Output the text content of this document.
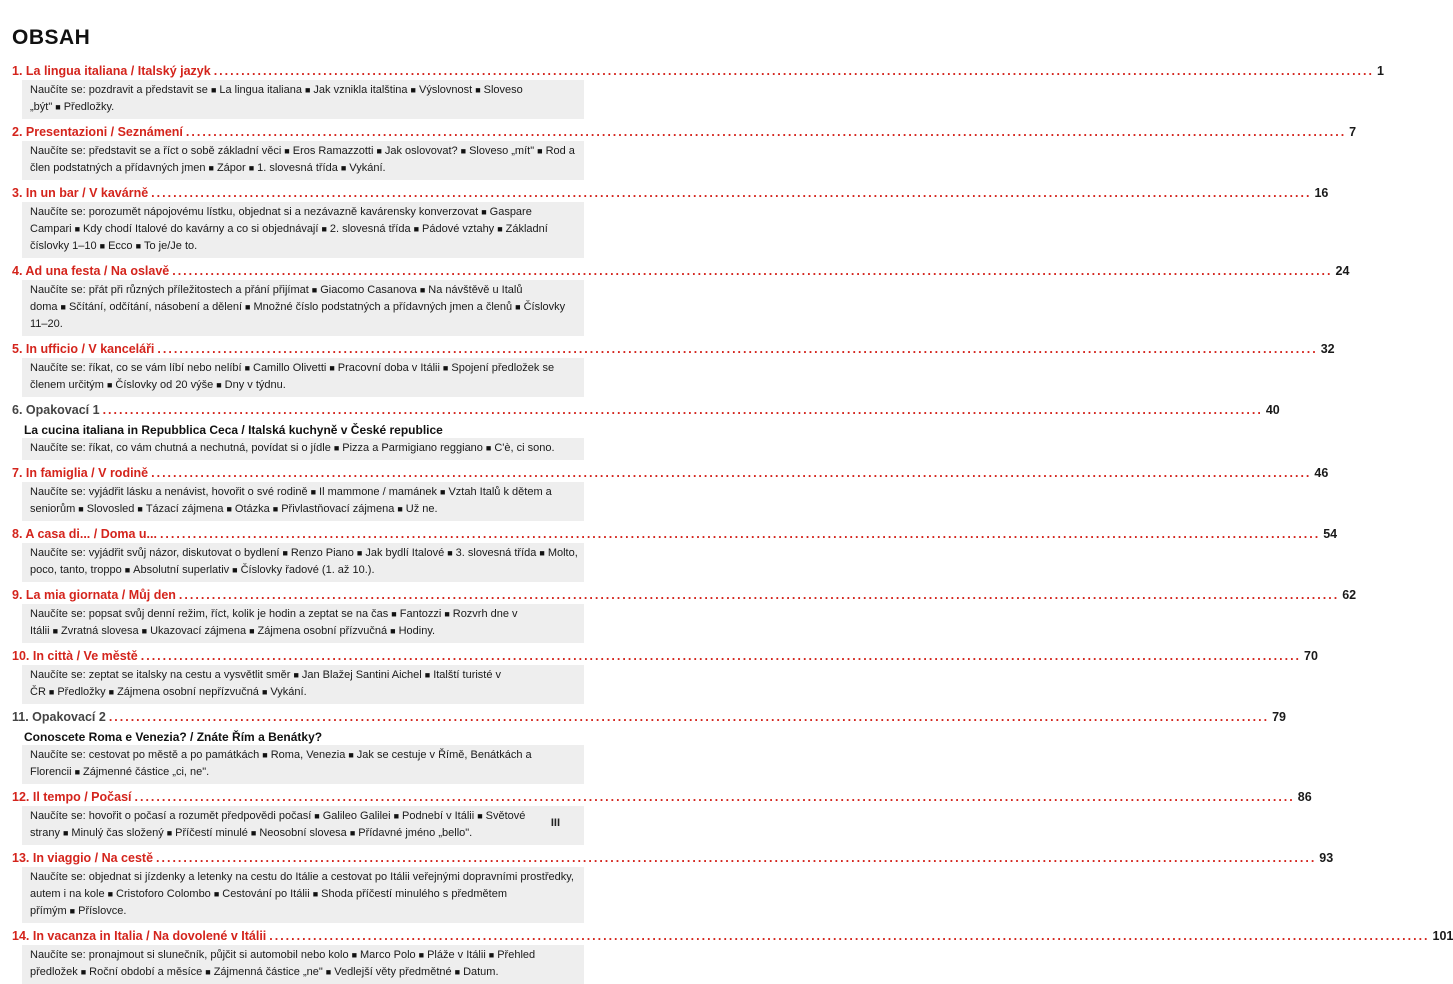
OBSAH
1. La lingua italiana / Italský jazyk .....	1
Naučíte se: pozdravit a představit se ■ La lingua italiana ■ Jak vznikla italština ■ Výslovnost ■ Sloveso „být" ■ Předložky.
2. Presentazioni / Seznámení .....	7
Naučíte se: představit se a říct o sobě základní věci ■ Eros Ramazzotti ■ Jak oslovovat? ■ Sloveso „mít" ■ Rod a člen podstatných a přídavných jmen ■ Zápor ■ 1. slovesná třída ■ Vykání.
3. In un bar / V kavárně .....	16
Naučíte se: porozumět nápojovému lístku, objednat si a nezávazně kavárensky konverzovat ■ Gaspare Campari ■ Kdy chodí Italové do kavárny a co si objednávají ■ 2. slovesná třída ■ Pádové vztahy ■ Základní číslovky 1–10 ■ Ecco ■ To je/Je to.
4. Ad una festa / Na oslavě .....	24
Naučíte se: přát při různých příležitostech a přání přijímat ■ Giacomo Casanova ■ Na návštěvě u Italů doma ■ Sčítání, odčítání, násobení a dělení ■ Množné číslo podstatných a přídavných jmen a členů ■ Číslovky 11–20.
5. In ufficio / V kanceláři .....	32
Naučíte se: říkat, co se vám líbí nebo nelíbí ■ Camillo Olivetti ■ Pracovní doba v Itálii ■ Spojení předložek se členem určitým ■ Číslovky od 20 výše ■ Dny v týdnu.
6. Opakovací 1 .....	40
La cucina italiana in Repubblica Ceca / Italská kuchyně v České republice
Naučíte se: říkat, co vám chutná a nechutná, povídat si o jídle ■ Pizza a Parmigiano reggiano ■ C'è, ci sono.
7. In famiglia / V rodině .....	46
Naučíte se: vyjádřit lásku a nenávist, hovořit o své rodině ■ Il mammone / mamánek ■ Vztah Italů k dětem a seniorům ■ Slovosled ■ Tázací zájmena ■ Otázka ■ Přivlastňovací zájmena ■ Už ne.
8. A casa di... / Doma u... .....	54
Naučíte se: vyjádřit svůj názor, diskutovat o bydlení ■ Renzo Piano ■ Jak bydlí Italové ■ 3. slovesná třída ■ Molto, poco, tanto, troppo ■ Absolutní superlativ ■ Číslovky řadové (1. až 10.).
9. La mia giornata / Můj den .....	62
Naučíte se: popsat svůj denní režim, říct, kolik je hodin a zeptat se na čas ■ Fantozzi ■ Rozvrh dne v Itálii ■ Zvratná slovesa ■ Ukazovací zájmena ■ Zájmena osobní přízvučná ■ Hodiny.
10. In città / Ve městě .....	70
Naučíte se: zeptat se italsky na cestu a vysvětlit směr ■ Jan Blažej Santini Aichel ■ Italští turisté v ČR ■ Předložky ■ Zájmena osobní nepřízvučná ■ Vykání.
11. Opakovací 2 .....	79
Conoscete Roma e Venezia? / Znáte Řím a Benátky?
Naučíte se: cestovat po městě a po památkách ■ Roma, Venezia ■ Jak se cestuje v Římě, Benátkách a Florencii ■ Zájmenné částice „ci, ne".
12. Il tempo / Počasí .....	86
Naučíte se: hovořit o počasí a rozumět předpovědi počasí ■ Galileo Galilei ■ Podnebí v Itálii ■ Světové strany ■ Minulý čas složený ■ Příčestí minulé ■ Neosobní slovesa ■ Přídavné jméno „bello".
13. In viaggio / Na cestě .....	93
Naučíte se: objednat si jízdenky a letenky na cestu do Itálie a cestovat po Itálii veřejnými dopravními prostředky, autem i na kole ■ Cristoforo Colombo ■ Cestování po Itálii ■ Shoda příčestí minulého s předmětem přímým ■ Příslovce.
14. In vacanza in Italia / Na dovolené v Itálii .....	101
Naučíte se: pronajmout si slunečník, půjčit si automobil nebo kolo ■ Marco Polo ■ Pláže v Itálii ■ Přehled předložek ■ Roční období a měsíce ■ Zájmenná částice „ne" ■ Vedlejší věty předmětné ■ Datum.
III
